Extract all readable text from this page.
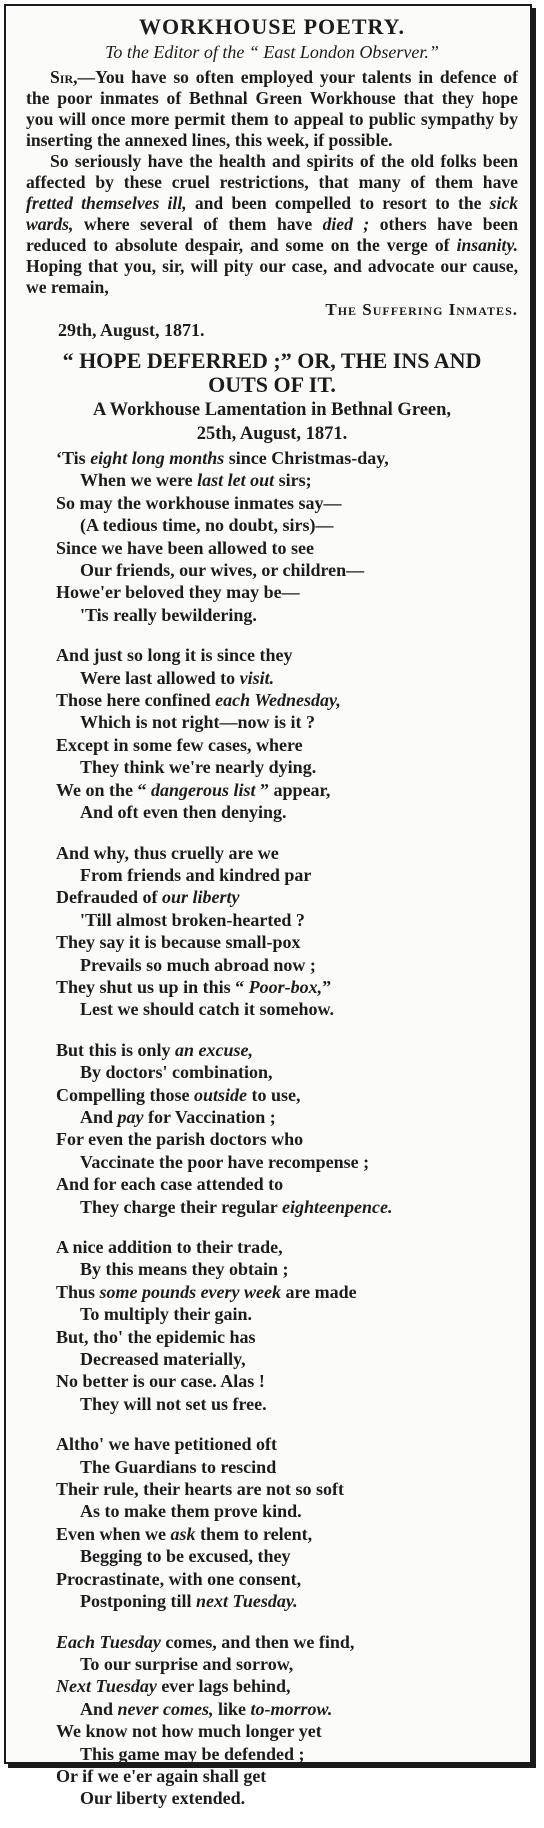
WORKHOUSE POETRY.
To the Editor of the “ East London Observer.”

Sir,—You have so often employed your talents in defence of the poor inmates of Bethnal Green Workhouse that they hope you will once more permit them to appeal to public sympathy by inserting the annexed lines, this week, if possible.

So seriously have the health and spirits of the old folks been affected by these cruel restrictions, that many of them have fretted themselves ill, and been compelled to resort to the sick wards, where several of them have died ; others have been reduced to absolute despair, and some on the verge of insanity. Hoping that you, sir, will pity our case, and advocate our cause, we remain,

The Suffering Inmates.
29th, August, 1871.
“ HOPE DEFERRED ;” OR, THE INS AND OUTS OF IT.
A Workhouse Lamentation in Bethnal Green,
25th, August, 1871.
‘Tis eight long months since Christmas-day,
When we were last let out sirs;
So may the workhouse inmates say—
(A tedious time, no doubt, sirs)—
Since we have been allowed to see
Our friends, our wives, or children—
Howe'er beloved they may be—
'Tis really bewildering.
And just so long it is since they
Were last allowed to visit.
Those here confined each Wednesday,
Which is not right—now is it ?
Except in some few cases, where
They think we're nearly dying.
We on the “ dangerous list ” appear,
And oft even then denying.
And why, thus cruelly are we
From friends and kindred par
Defrauded of our liberty
'Till almost broken-hearted ?
They say it is because small-pox
Prevails so much abroad now ;
They shut us up in this “ Poor-box,”
Lest we should catch it somehow.
But this is only an excuse,
By doctors' combination,
Compelling those outside to use,
And pay for Vaccination ;
For even the parish doctors who
Vaccinate the poor have recompense ;
And for each case attended to
They charge their regular eighteenpence.
A nice addition to their trade,
By this means they obtain ;
Thus some pounds every week are made
To multiply their gain.
But, tho' the epidemic has
Decreased materially,
No better is our case. Alas !
They will not set us free.
Altho' we have petitioned oft
The Guardians to rescind
Their rule, their hearts are not so soft
As to make them prove kind.
Even when we ask them to relent,
Begging to be excused, they
Procrastinate, with one consent,
Postponing till next Tuesday.
Each Tuesday comes, and then we find,
To our surprise and sorrow,
Next Tuesday ever lags behind,
And never comes, like to-morrow.
We know not how much longer yet
This game may be defended ;
Or if we e'er again shall get
Our liberty extended.
